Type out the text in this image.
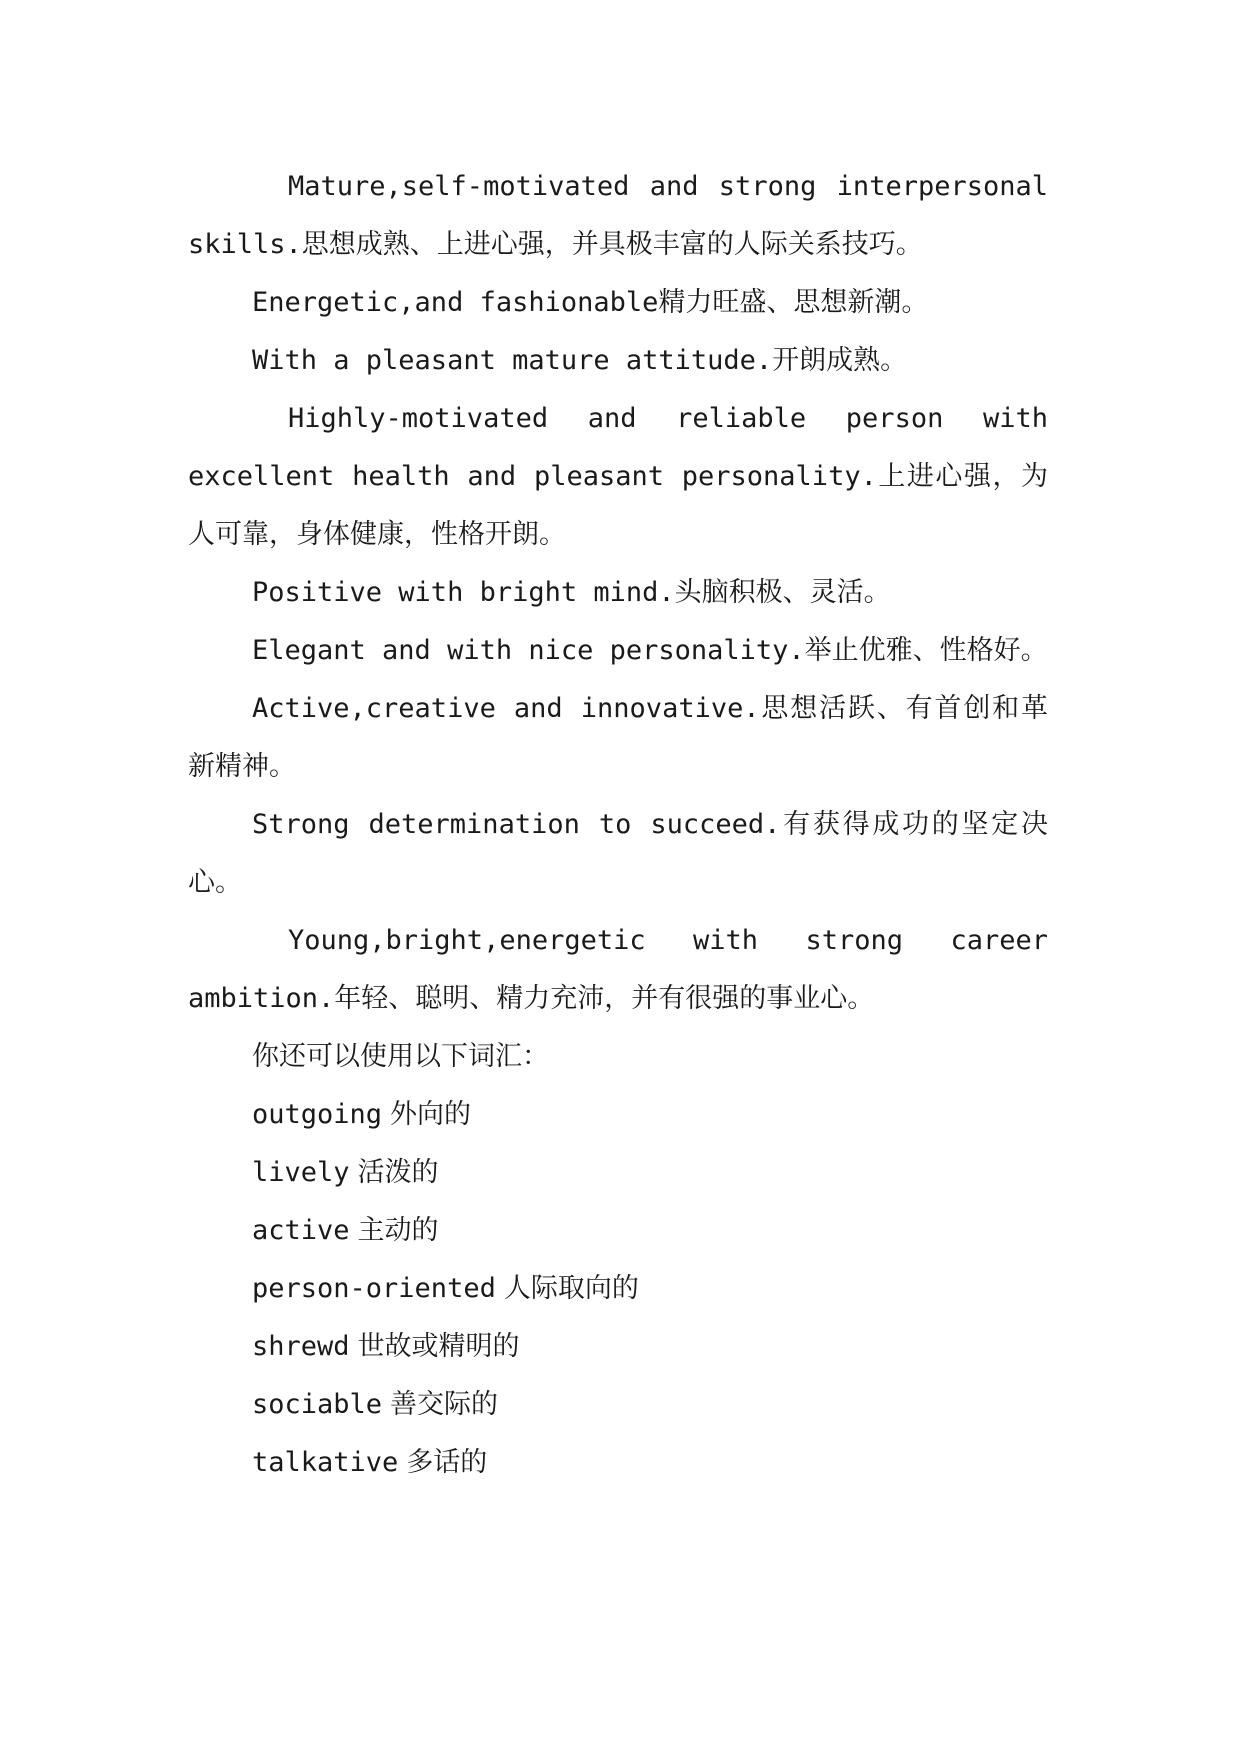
Mature,self-motivated and strong interpersonal skills.思想成熟、上进心强，并具极丰富的人际关系技巧。

Energetic,and fashionable精力旺盛、思想新潮。

With a pleasant mature attitude.开朗成熟。

Highly-motivated and reliable person with excellent health and pleasant personality.上进心强，为人可靠，身体健康，性格开朗。

Positive with bright mind.头脑积极、灵活。

Elegant and with nice personality.举止优雅、性格好。

Active,creative and innovative.思想活跃、有首创和革新精神。

Strong determination to succeed.有获得成功的坚定决心。

Young,bright,energetic with strong career ambition.年轻、聪明、精力充沛，并有很强的事业心。

你还可以使用以下词汇：

outgoing 外向的
lively 活泼的
active 主动的
person-oriented 人际取向的
shrewd 世故或精明的
sociable 善交际的
talkative 多话的
